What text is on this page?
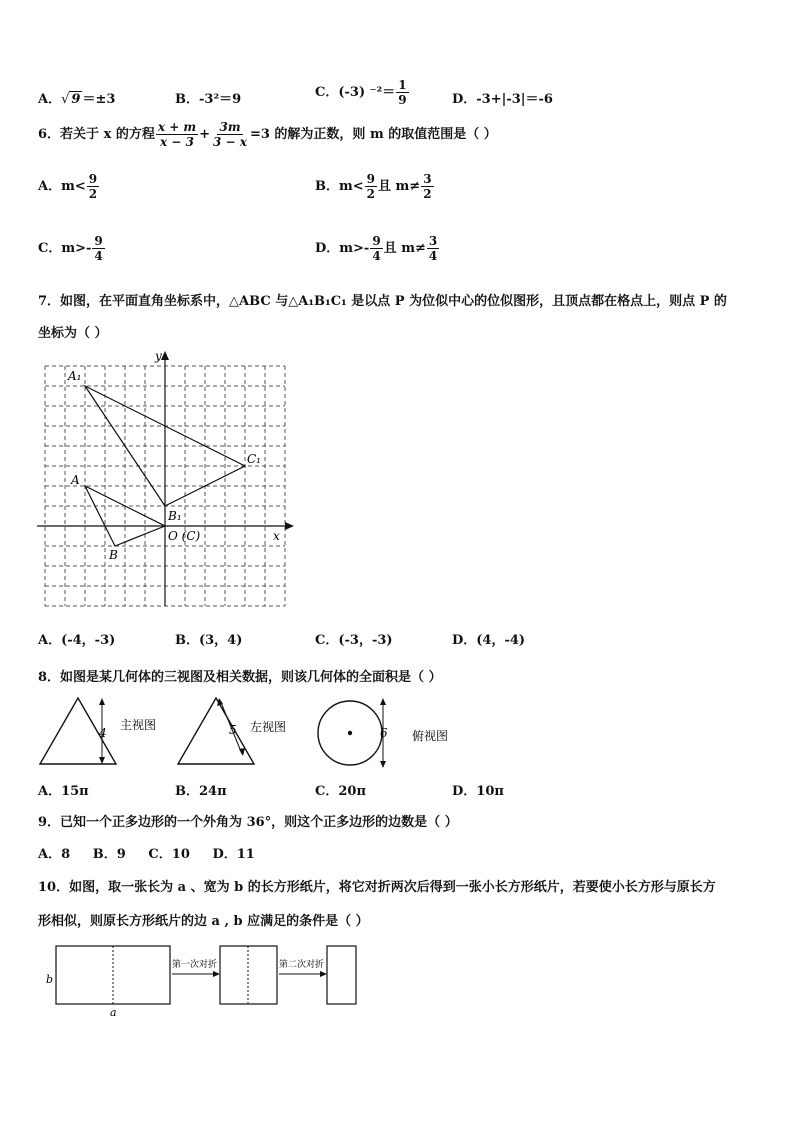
A．√ 9 ＝±3	B．-3²＝9	C．(-3) $^{-2}= \frac{1}{9}$	D．-3+|-3|＝-6
6．若关于 x 的方程 $\frac{x + m}{x - 3} + \frac{3m}{3 - x} =3$ 的解为正数，则 m 的取值范围是（ ）
A．$m< \frac{9}{2}$	B．$m< \frac{9}{2}$ 且 $m\ne \frac{3}{2}$
C．$m>- \frac{9}{4}$	D．$m>- \frac{9}{4}$ 且 $m\ne \frac{3}{4}$
7．如图，在平面直角坐标系中，△ABC 与△A₁B₁C₁ 是以点 P 为位似中心的位似图形，且顶点都在格点上，则点 P 的
坐标为（ ）
y
x
A₁
C₁
A
B₁
B
O (C)
A．(-4，-3)	B．(3，4)	C．(-3，-3)	D．(4，-4)
8．如图是某几何体的三视图及相关数据，则该几何体的全面积是（ ）
4
主视图	5 左视图	6 俯视图
A．15π	B．24π	C．20π	D．10π
9．已知一个正多边形的一个外角为 36°，则这个正多边形的边数是（ ）
A．8     B．9     C．10     D．11
10．如图，取一张长为 a 、宽为 b 的长方形纸片，将它对折两次后得到一张小长方形纸片，若要使小长方形与原长方
形相似，则原长方形纸片的边 a , b 应满足的条件是（ ）
b
a
第一次对折	第二次对折
